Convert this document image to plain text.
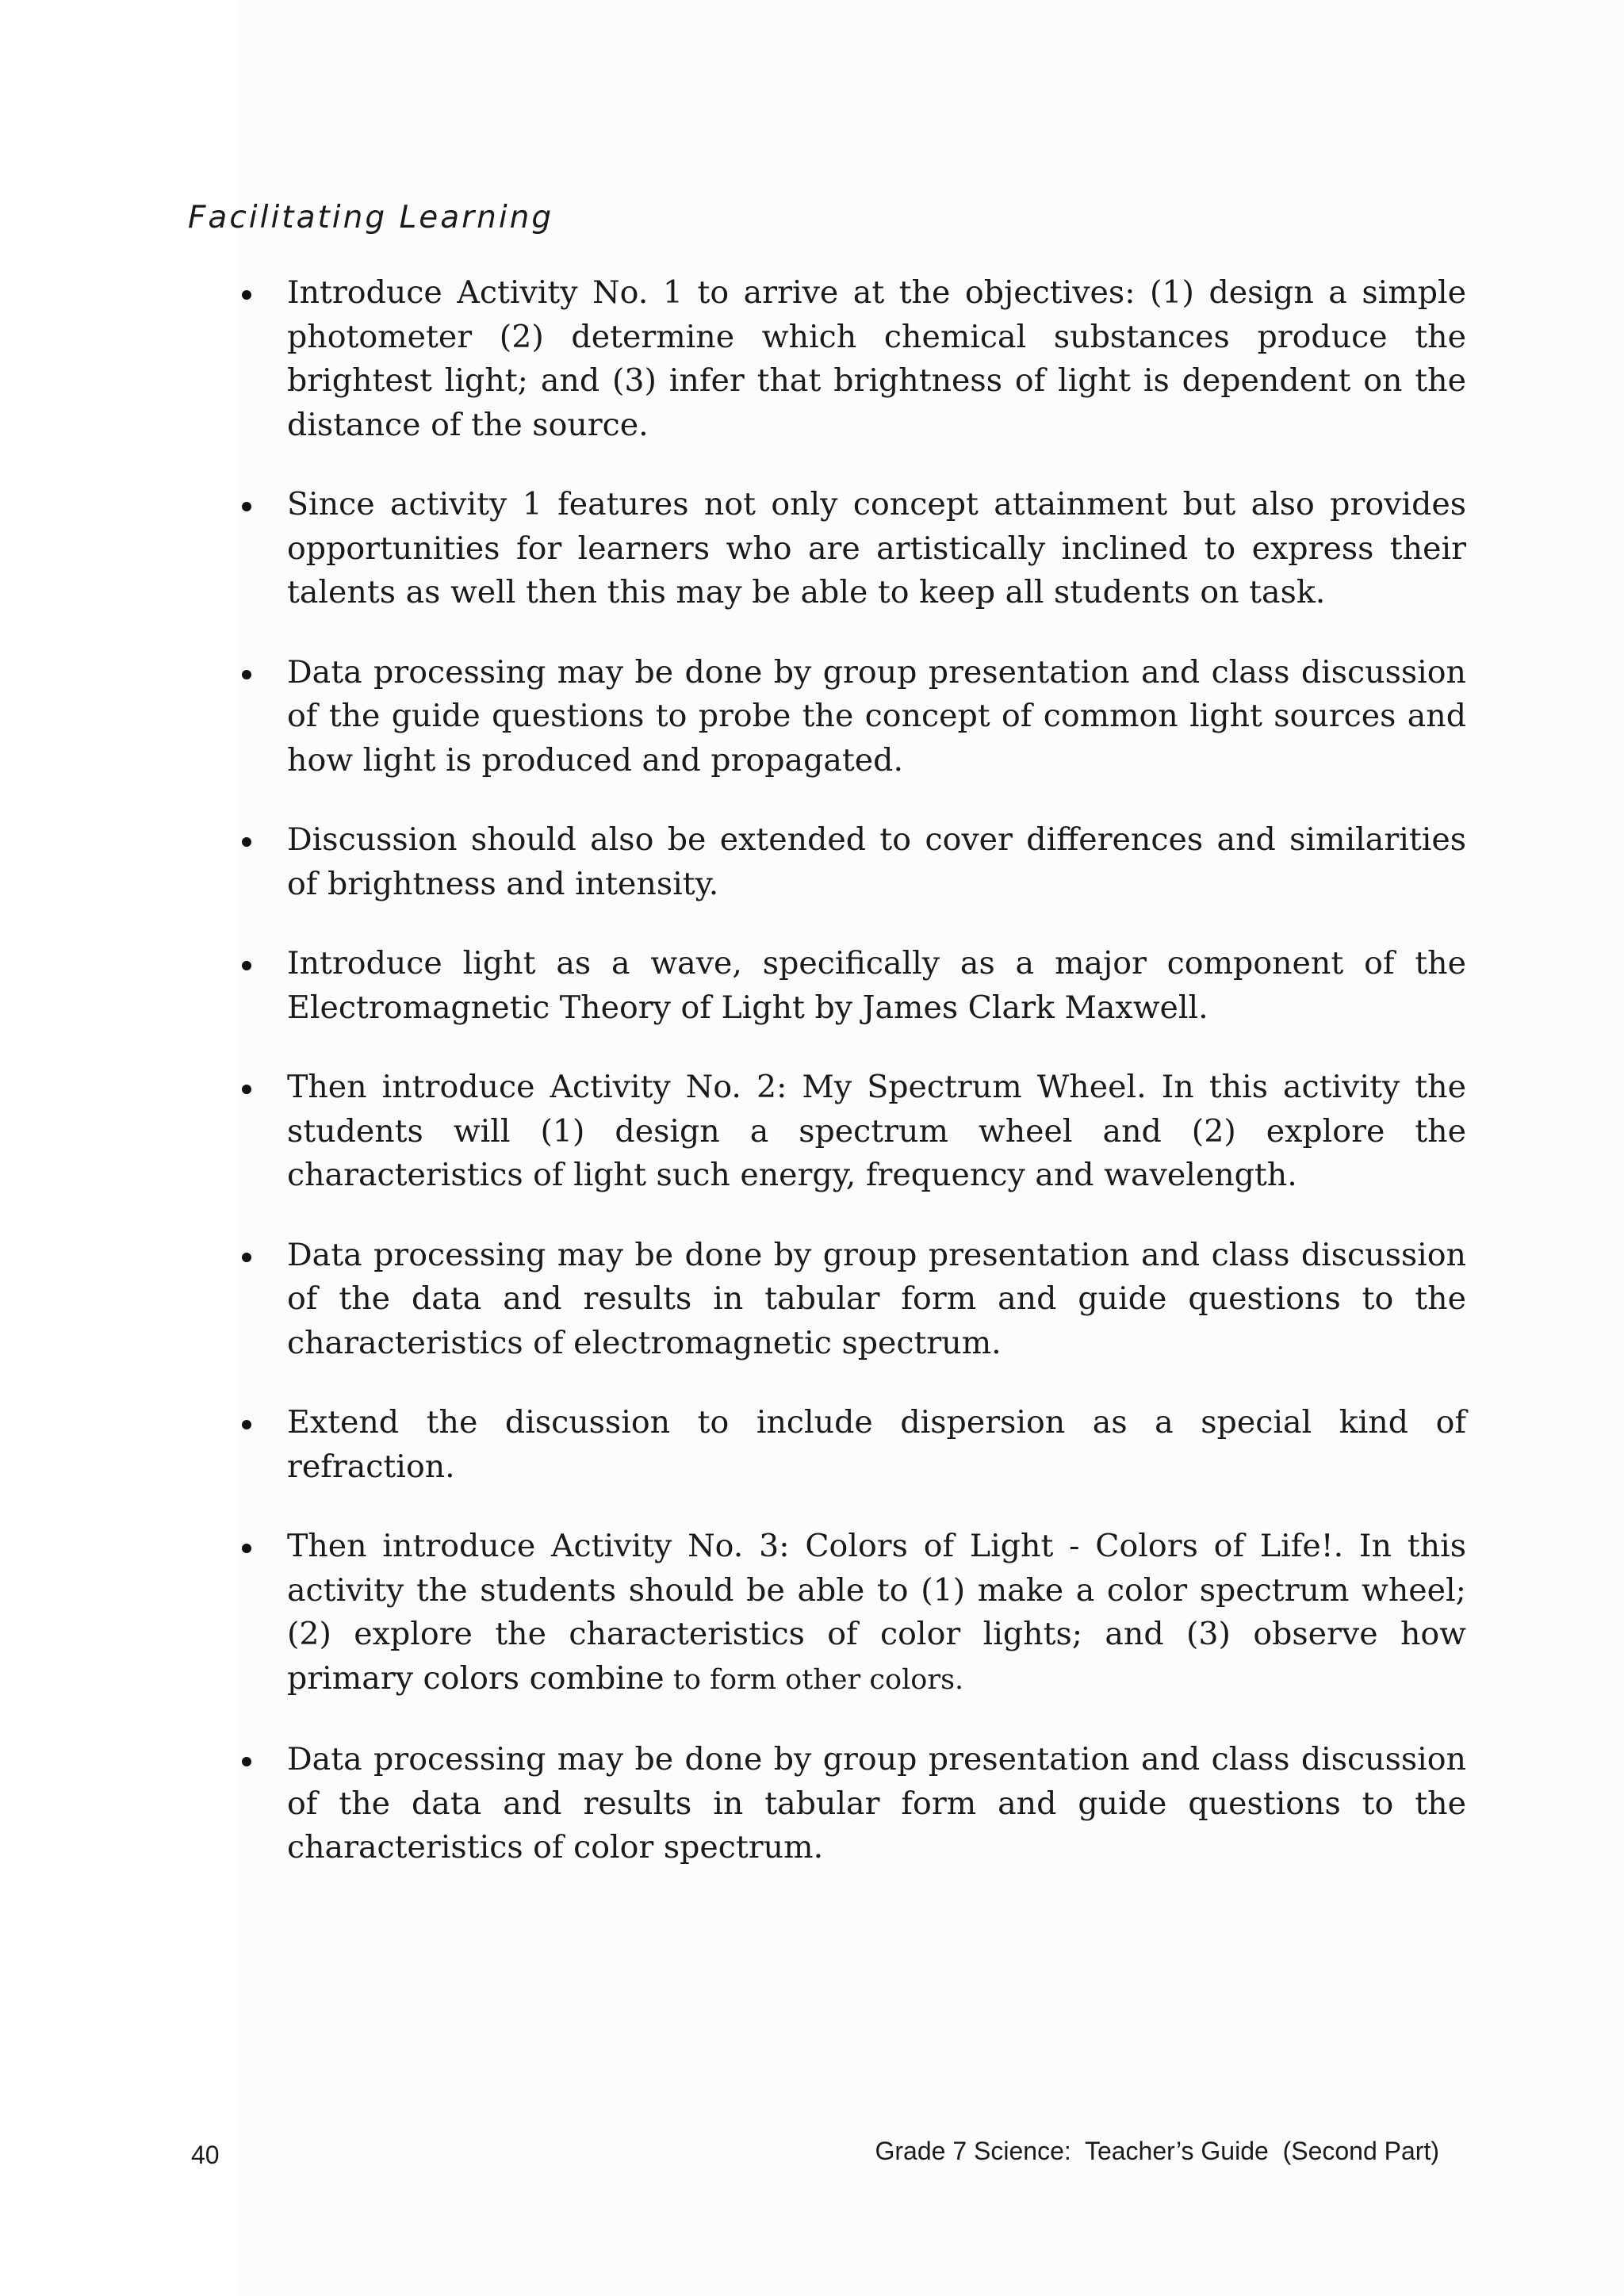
Facilitating Learning
Introduce Activity No. 1 to arrive at the objectives: (1) design a simple photometer (2) determine which chemical substances produce the brightest light; and (3) infer that brightness of light is dependent on the distance of the source.
Since activity 1 features not only concept attainment but also provides opportunities for learners who are artistically inclined to express their talents as well then this may be able to keep all students on task.
Data processing may be done by group presentation and class discussion of the guide questions to probe the concept of common light sources and how light is produced and propagated.
Discussion should also be extended to cover differences and similarities of brightness and intensity.
Introduce light as a wave, specifically as a major component of the Electromagnetic Theory of Light by James Clark Maxwell.
Then introduce Activity No. 2: My Spectrum Wheel. In this activity the students will (1) design a spectrum wheel and (2) explore the characteristics of light such energy, frequency and wavelength.
Data processing may be done by group presentation and class discussion of the data and results in tabular form and guide questions to the characteristics of electromagnetic spectrum.
Extend the discussion to include dispersion as a special kind of refraction.
Then introduce Activity No. 3: Colors of Light - Colors of Life!. In this activity the students should be able to (1) make a color spectrum wheel; (2) explore the characteristics of color lights; and (3) observe how primary colors combine to form other colors.
Data processing may be done by group presentation and class discussion of the data and results in tabular form and guide questions to the characteristics of color spectrum.
40	Grade 7 Science:  Teacher’s Guide  (Second Part)
